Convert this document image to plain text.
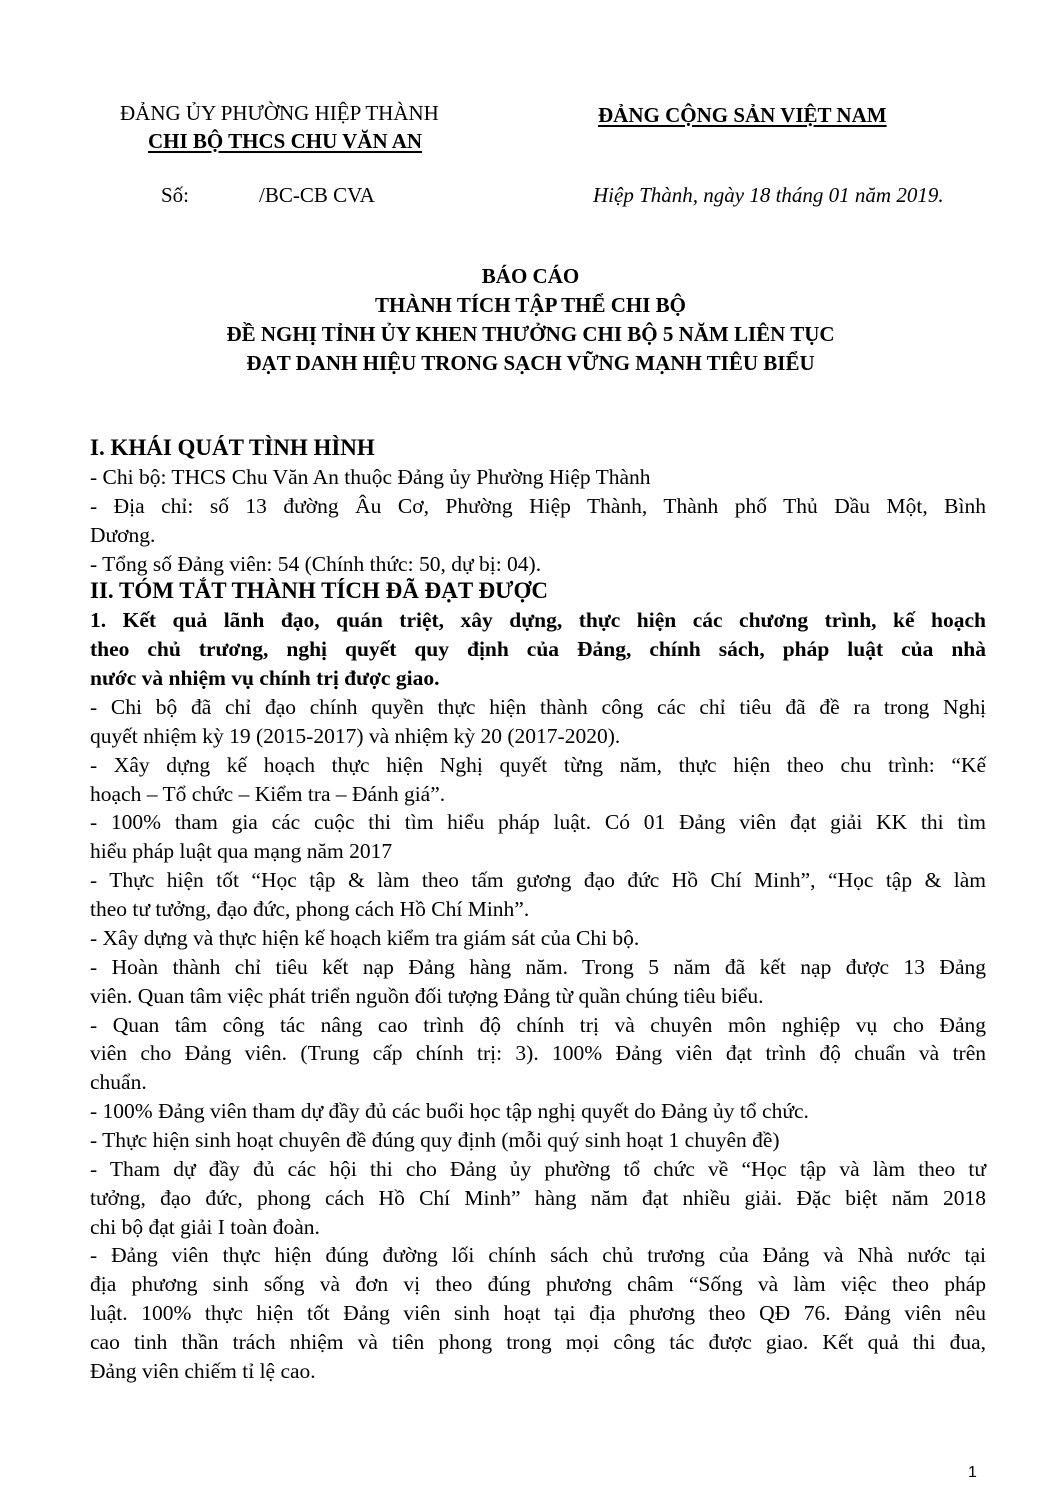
ĐẢNG ỦY PHƯỜNG HIỆP THÀNH
CHI BỘ THCS CHU VĂN AN
ĐẢNG CỘNG SẢN VIỆT NAM
Số:	/BC-CB CVA	Hiệp Thành, ngày 18 tháng 01 năm 2019.
BÁO CÁO
THÀNH TÍCH TẬP THỂ CHI BỘ
ĐỀ NGHỊ TỈNH ỦY KHEN THƯỞNG CHI BỘ 5 NĂM LIÊN TỤC
ĐẠT DANH HIỆU TRONG SẠCH VỮNG MẠNH TIÊU BIỂU
I. KHÁI QUÁT TÌNH HÌNH
- Chi bộ: THCS Chu Văn An thuộc Đảng ủy Phường Hiệp Thành
- Địa chỉ: số 13 đường Âu Cơ, Phường Hiệp Thành, Thành phố Thủ Dầu Một, Bình
Dương.
- Tổng số Đảng viên: 54 (Chính thức: 50, dự bị: 04).
II. TÓM TẮT THÀNH TÍCH ĐÃ ĐẠT ĐƯỢC
1. Kết quả lãnh đạo, quán triệt, xây dựng, thực hiện các chương trình, kế hoạch
theo chủ trương, nghị quyết quy định của Đảng, chính sách, pháp luật của nhà
nước và nhiệm vụ chính trị được giao.
- Chi bộ đã chỉ đạo chính quyền thực hiện thành công các chỉ tiêu đã đề ra trong Nghị
quyết nhiệm kỳ 19 (2015-2017) và nhiệm kỳ 20 (2017-2020).
- Xây dựng kế hoạch thực hiện Nghị quyết từng năm, thực hiện theo chu trình: “Kế
hoạch – Tổ chức – Kiểm tra – Đánh giá”.
- 100% tham gia các cuộc thi tìm hiểu pháp luật. Có 01 Đảng viên đạt giải KK thi tìm
hiểu pháp luật qua mạng năm 2017
- Thực hiện tốt “Học tập & làm theo tấm gương đạo đức Hồ Chí Minh”, “Học tập & làm
theo tư tưởng, đạo đức, phong cách Hồ Chí Minh”.
- Xây dựng và thực hiện kế hoạch kiểm tra giám sát của Chi bộ.
- Hoàn thành chỉ tiêu kết nạp Đảng hàng năm. Trong 5 năm đã kết nạp được 13 Đảng
viên. Quan tâm việc phát triển nguồn đối tượng Đảng từ quần chúng tiêu biểu.
- Quan tâm công tác nâng cao trình độ chính trị và chuyên môn nghiệp vụ cho Đảng
viên cho Đảng viên. (Trung cấp chính trị: 3). 100% Đảng viên đạt trình độ chuẩn và trên
chuẩn.
- 100% Đảng viên tham dự đầy đủ các buổi học tập nghị quyết do Đảng ủy tổ chức.
- Thực hiện sinh hoạt chuyên đề đúng quy định (mỗi quý sinh hoạt 1 chuyên đề)
- Tham dự đầy đủ các hội thi cho Đảng ủy phường tổ chức về “Học tập và làm theo tư
tưởng, đạo đức, phong cách Hồ Chí Minh” hàng năm đạt nhiều giải. Đặc biệt năm 2018
chi bộ đạt giải I toàn đoàn.
- Đảng viên thực hiện đúng đường lối chính sách chủ trương của Đảng và Nhà nước tại
địa phương sinh sống và đơn vị theo đúng phương châm “Sống và làm việc theo pháp
luật. 100% thực hiện tốt Đảng viên sinh hoạt tại địa phương theo QĐ 76. Đảng viên nêu
cao tinh thần trách nhiệm và tiên phong trong mọi công tác được giao. Kết quả thi đua,
Đảng viên chiếm tỉ lệ cao.
1
